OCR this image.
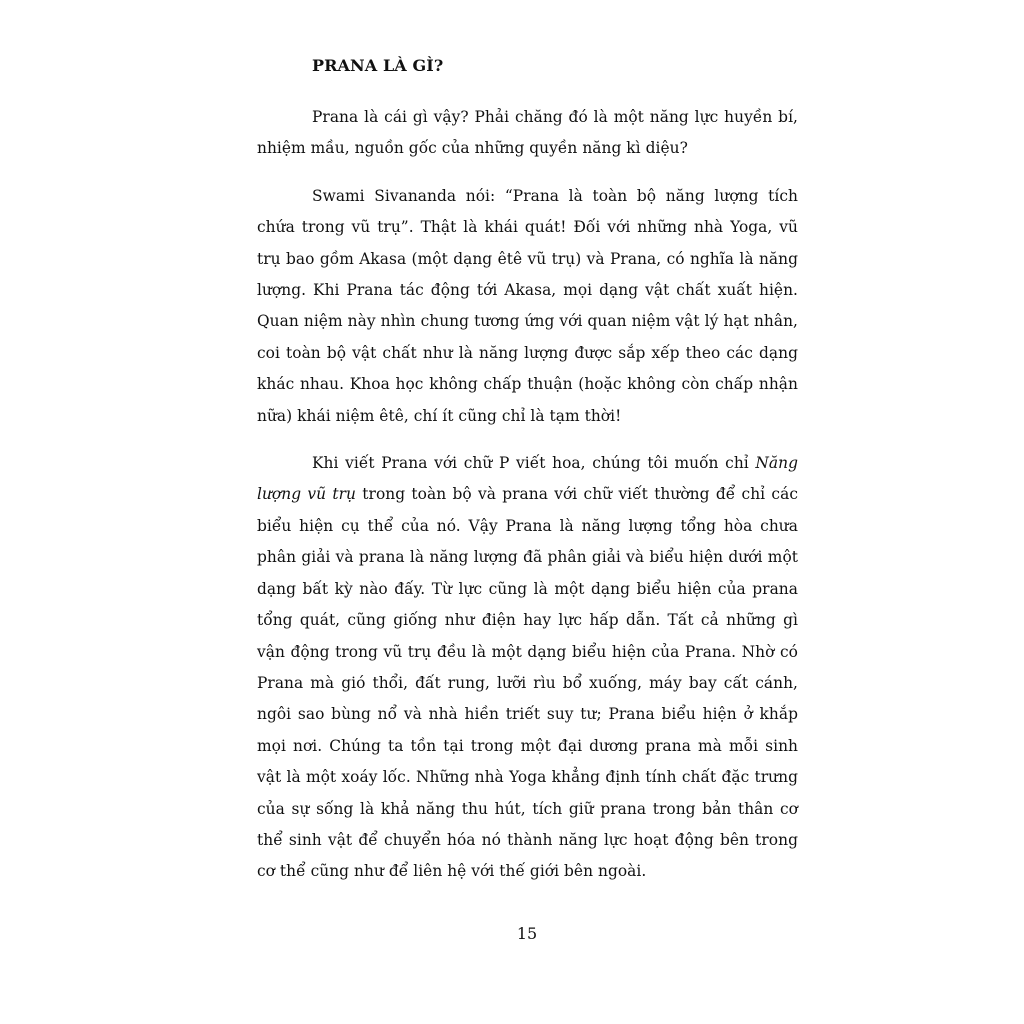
PRANA LÀ GÌ?

Prana là cái gì vậy? Phải chăng đó là một năng lực huyền bí, nhiệm mầu, nguồn gốc của những quyền năng kì diệu?

Swami Sivananda nói: “Prana là toàn bộ năng lượng tích chứa trong vũ trụ”. Thật là khái quát! Đối với những nhà Yoga, vũ trụ bao gồm Akasa (một dạng êtê vũ trụ) và Prana, có nghĩa là năng lượng. Khi Prana tác động tới Akasa, mọi dạng vật chất xuất hiện. Quan niệm này nhìn chung tương ứng với quan niệm vật lý hạt nhân, coi toàn bộ vật chất như là năng lượng được sắp xếp theo các dạng khác nhau. Khoa học không chấp thuận (hoặc không còn chấp nhận nữa) khái niệm êtê, chí ít cũng chỉ là tạm thời!

Khi viết Prana với chữ P viết hoa, chúng tôi muốn chỉ Năng lượng vũ trụ trong toàn bộ và prana với chữ viết thường để chỉ các biểu hiện cụ thể của nó. Vậy Prana là năng lượng tổng hòa chưa phân giải và prana là năng lượng đã phân giải và biểu hiện dưới một dạng bất kỳ nào đấy. Từ lực cũng là một dạng biểu hiện của prana tổng quát, cũng giống như điện hay lực hấp dẫn. Tất cả những gì vận động trong vũ trụ đều là một dạng biểu hiện của Prana. Nhờ có Prana mà gió thổi, đất rung, lưỡi rìu bổ xuống, máy bay cất cánh, ngôi sao bùng nổ và nhà hiền triết suy tư; Prana biểu hiện ở khắp mọi nơi. Chúng ta tồn tại trong một đại dương prana mà mỗi sinh vật là một xoáy lốc. Những nhà Yoga khẳng định tính chất đặc trưng của sự sống là khả năng thu hút, tích giữ prana trong bản thân cơ thể sinh vật để chuyển hóa nó thành năng lực hoạt động bên trong cơ thể cũng như để liên hệ với thế giới bên ngoài.

15
